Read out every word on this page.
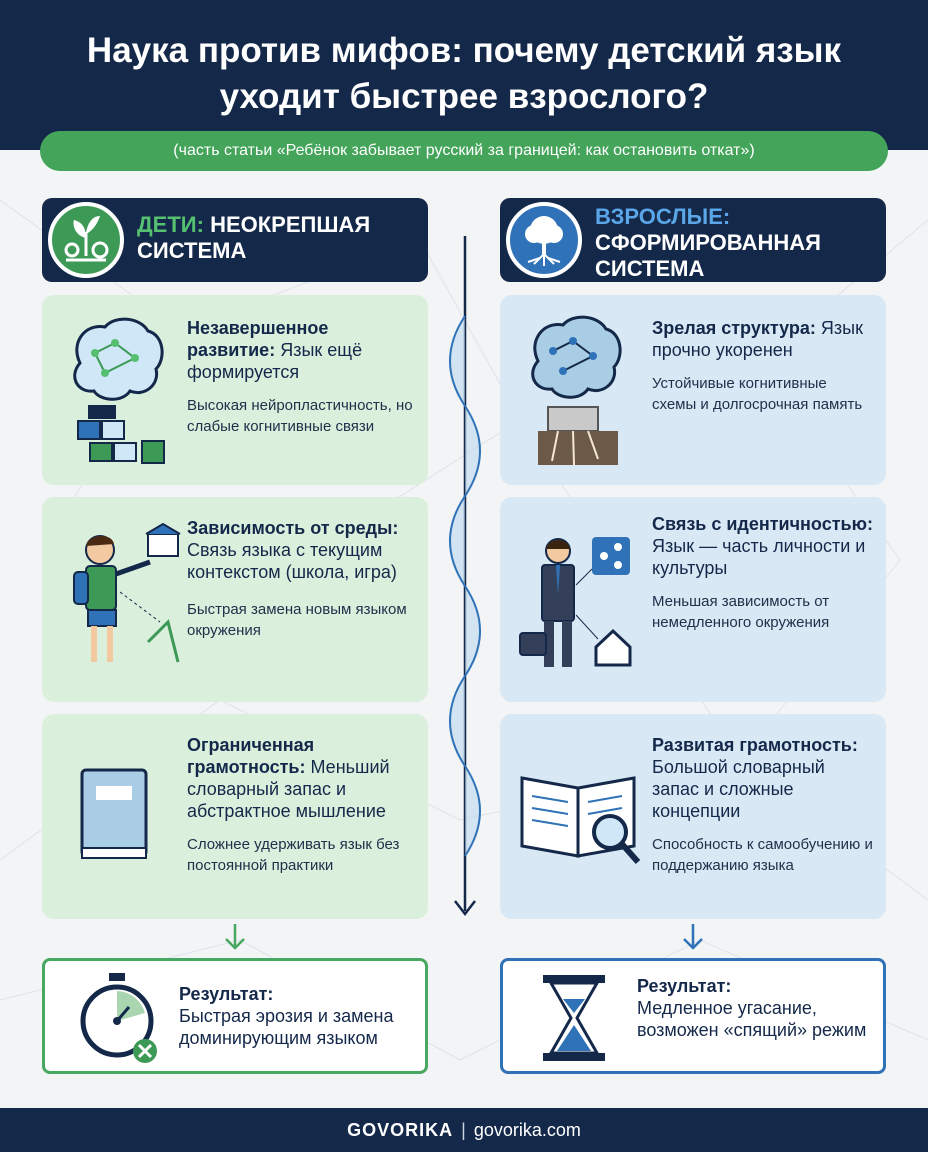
Наука против мифов: почему детский язык уходит быстрее взрослого?
(часть статьи «Ребёнок забывает русский за границей: как остановить откат»)
ДЕТИ: НЕОКРЕПШАЯ СИСТЕМА
ВЗРОСЛЫЕ:
СФОРМИРОВАННАЯ СИСТЕМА
Незавершенное развитие: Язык ещё формируется
Высокая нейропластичность, но слабые когнитивные связи
Зависимость от среды: Связь языка с текущим контекстом (школа, игра)
Быстрая замена новым языком окружения
Ограниченная грамотность: Меньший словарный запас и абстрактное мышление
Сложнее удерживать язык без постоянной практики
Зрелая структура: Язык прочно укоренен
Устойчивые когнитивные схемы и долгосрочная память
Связь с идентичностью: Язык — часть личности и культуры
Меньшая зависимость от немедленного окружения
Развитая грамотность: Большой словарный запас и сложные концепции
Способность к самообучению и поддержанию языка
Результат:
Быстрая эрозия и замена доминирующим языком
Результат:
Медленное угасание, возможен «спящий» режим
GOVORIKA | govorika.com
